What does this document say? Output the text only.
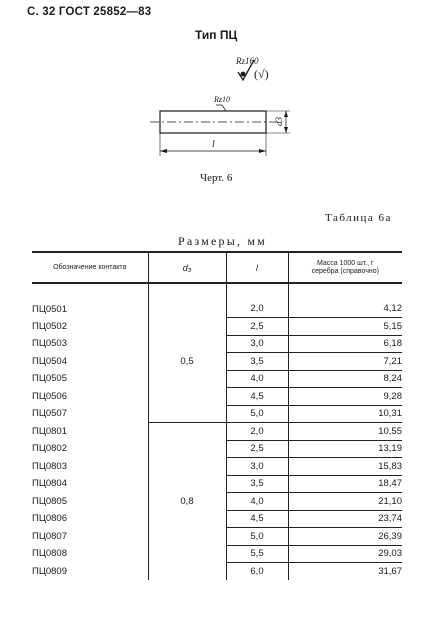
С. 32 ГОСТ 25852—83
Тип ПЦ
Rz160
(√)
Rz10
d3
l
Черт. 6
Таблица 6а
Размеры, мм
Обозначение контакта	d₃	l	Масса 1000 шт., г
серебра (справочно)

ПЦ0501	0,5	2,0	4,12
ПЦ0502		2,5	5,15
ПЦ0503		3,0	6,18
ПЦ0504		3,5	7,21
ПЦ0505		4,0	8,24
ПЦ0506		4,5	9,28
ПЦ0507		5,0	10,31
ПЦ0801	0,8	2,0	10,55
ПЦ0802		2,5	13,19
ПЦ0803		3,0	15,83
ПЦ0804		3,5	18,47
ПЦ0805		4,0	21,10
ПЦ0806		4,5	23,74
ПЦ0807		5,0	26,39
ПЦ0808		5,5	29,03
ПЦ0809		6,0	31,67
